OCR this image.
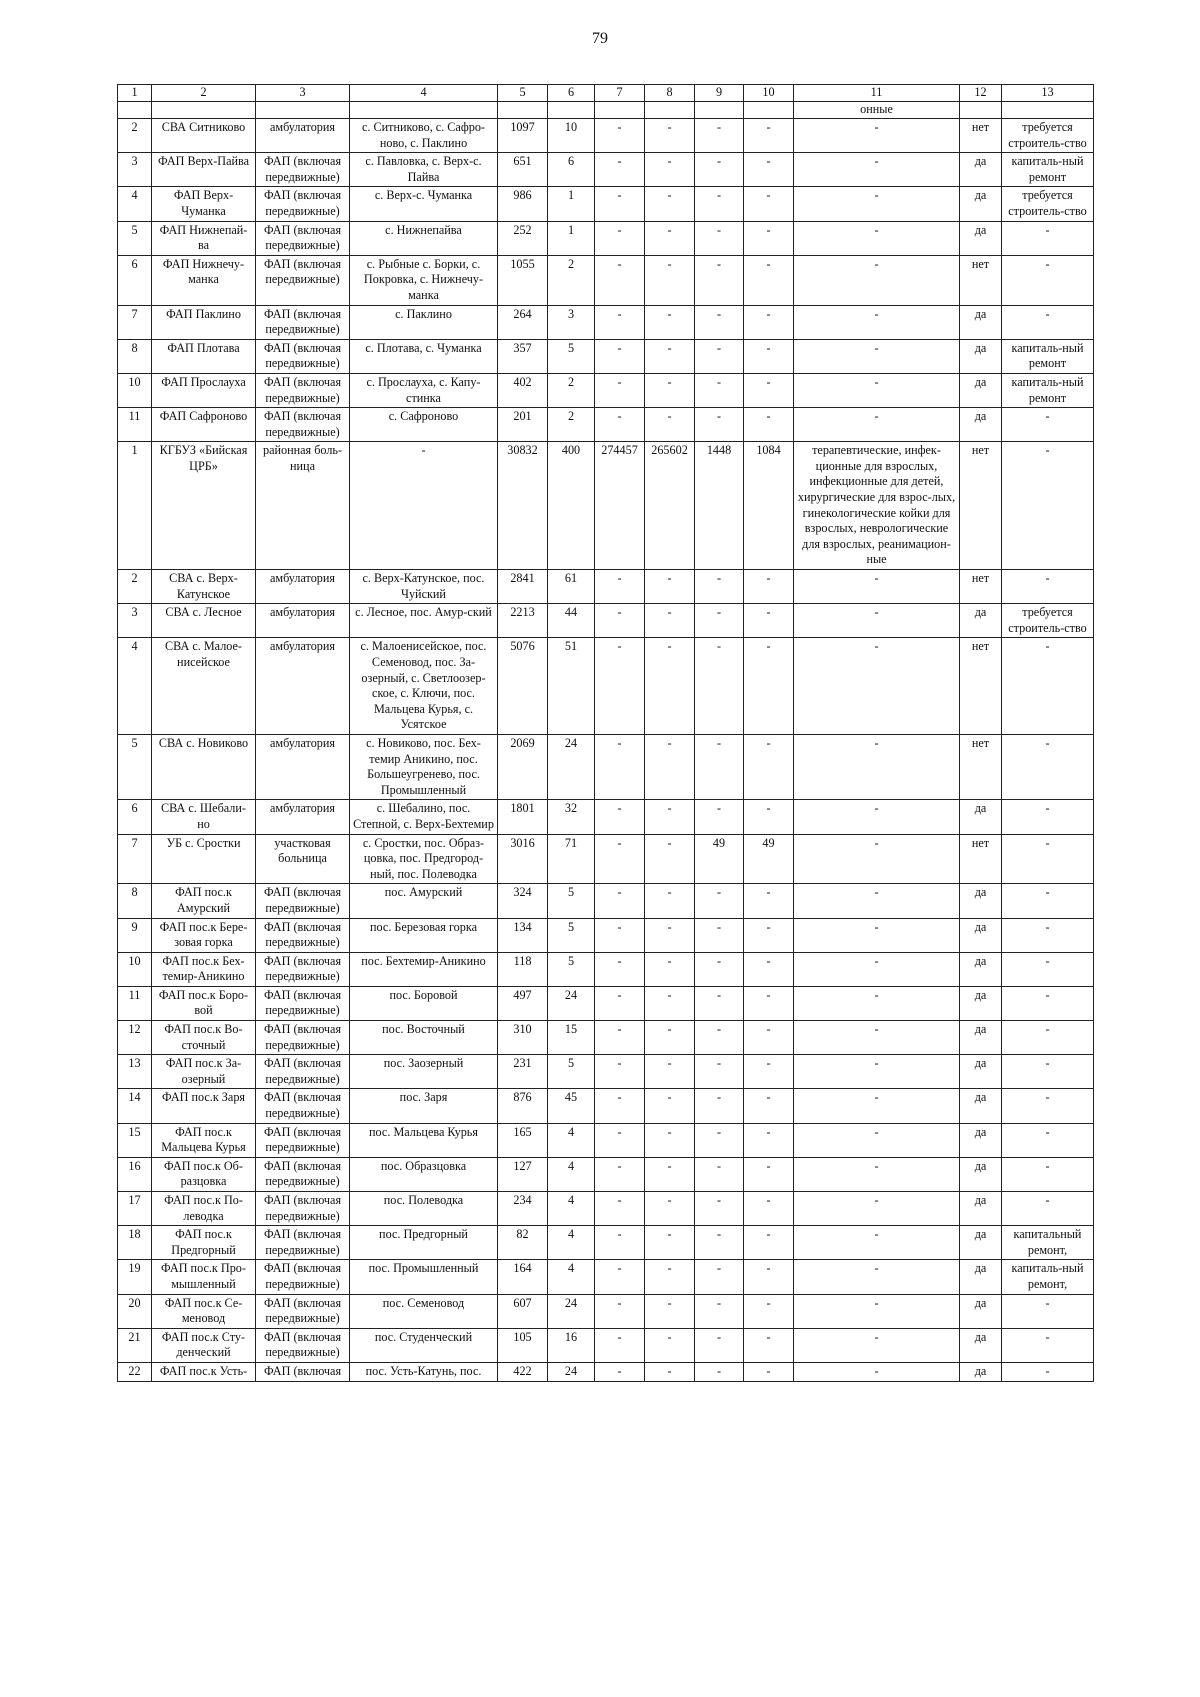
79
1	2	3	4	5	6	7	8	9	10	11	12	13
										онные		
2	СВА Ситниково	амбулатория	с. Ситниково, с. Сафро-ново, с. Паклино	1097	10	-	-	-	-	-	нет	требуется строитель-ство
3	ФАП Верх-Пайва	ФАП (включая передвижные)	с. Павловка, с. Верх-с. Пайва	651	6	-	-	-	-	-	да	капиталь-ный ремонт
4	ФАП Верх-Чуманка	ФАП (включая передвижные)	с. Верх-с. Чуманка	986	1	-	-	-	-	-	да	требуется строитель-ство
5	ФАП Нижнепай-ва	ФАП (включая передвижные)	с. Нижнепайва	252	1	-	-	-	-	-	да	-
6	ФАП Нижнечу-манка	ФАП (включая передвижные)	с. Рыбные с. Борки, с. Покровка, с. Нижнечу-манка	1055	2	-	-	-	-	-	нет	-
7	ФАП Паклино	ФАП (включая передвижные)	с. Паклино	264	3	-	-	-	-	-	да	-
8	ФАП Плотава	ФАП (включая передвижные)	с. Плотава, с. Чуманка	357	5	-	-	-	-	-	да	капиталь-ный ремонт
10	ФАП Прослауха	ФАП (включая передвижные)	с. Прослауха, с. Капу-стинка	402	2	-	-	-	-	-	да	капиталь-ный ремонт
11	ФАП Сафроново	ФАП (включая передвижные)	с. Сафроново	201	2	-	-	-	-	-	да	-
1	КГБУЗ «Бийская ЦРБ»	районная боль-ница	-	30832	400	274457	265602	1448	1084	терапевтические, инфек-ционные для взрослых, инфекционные для детей, хирургические для взрос-лых, гинекологические койки для взрослых, неврологические для взрослых, реанимацион-ные	нет	-
2	СВА с. Верх-Катунское	амбулатория	с. Верх-Катунское, пос. Чуйский	2841	61	-	-	-	-	-	нет	-
3	СВА с. Лесное	амбулатория	с. Лесное, пос. Амур-ский	2213	44	-	-	-	-	-	да	требуется строитель-ство
4	СВА с. Малое-нисейское	амбулатория	с. Малоенисейское, пос. Семеновод, пос. За-озерный, с. Светлоозер-ское, с. Ключи, пос. Мальцева Курья, с. Усятское	5076	51	-	-	-	-	-	нет	-
5	СВА с. Новиково	амбулатория	с. Новиково, пос. Бех-темир Аникино, пос. Большеугренево, пос. Промышленный	2069	24	-	-	-	-	-	нет	-
6	СВА с. Шебали-но	амбулатория	с. Шебалино, пос. Степной, с. Верх-Бехтемир	1801	32	-	-	-	-	-	да	-
7	УБ с. Сростки	участковая больница	с. Сростки, пос. Образ-цовка, пос. Предгород-ный, пос. Полеводка	3016	71	-	-	49	49	-	нет	-
8	ФАП пос.к Амурский	ФАП (включая передвижные)	пос. Амурский	324	5	-	-	-	-	-	да	-
9	ФАП пос.к Бере-зовая горка	ФАП (включая передвижные)	пос. Березовая горка	134	5	-	-	-	-	-	да	-
10	ФАП пос.к Бех-темир-Аникино	ФАП (включая передвижные)	пос. Бехтемир-Аникино	118	5	-	-	-	-	-	да	-
11	ФАП пос.к Боро-вой	ФАП (включая передвижные)	пос. Боровой	497	24	-	-	-	-	-	да	-
12	ФАП пос.к Во-сточный	ФАП (включая передвижные)	пос. Восточный	310	15	-	-	-	-	-	да	-
13	ФАП пос.к За-озерный	ФАП (включая передвижные)	пос. Заозерный	231	5	-	-	-	-	-	да	-
14	ФАП пос.к Заря	ФАП (включая передвижные)	пос. Заря	876	45	-	-	-	-	-	да	-
15	ФАП пос.к Мальцева Курья	ФАП (включая передвижные)	пос. Мальцева Курья	165	4	-	-	-	-	-	да	-
16	ФАП пос.к Об-разцовка	ФАП (включая передвижные)	пос. Образцовка	127	4	-	-	-	-	-	да	-
17	ФАП пос.к По-леводка	ФАП (включая передвижные)	пос. Полеводка	234	4	-	-	-	-	-	да	-
18	ФАП пос.к Предгорный	ФАП (включая передвижные)	пос. Предгорный	82	4	-	-	-	-	-	да	капитальный ремонт,
19	ФАП пос.к Про-мышленный	ФАП (включая передвижные)	пос. Промышленный	164	4	-	-	-	-	-	да	капиталь-ный ремонт,
20	ФАП пос.к Се-меновод	ФАП (включая передвижные)	пос. Семеновод	607	24	-	-	-	-	-	да	-
21	ФАП пос.к Сту-денческий	ФАП (включая передвижные)	пос. Студенческий	105	16	-	-	-	-	-	да	-
22	ФАП пос.к Усть-	ФАП (включая	пос. Усть-Катунь, пос.	422	24	-	-	-	-	-	да	-
